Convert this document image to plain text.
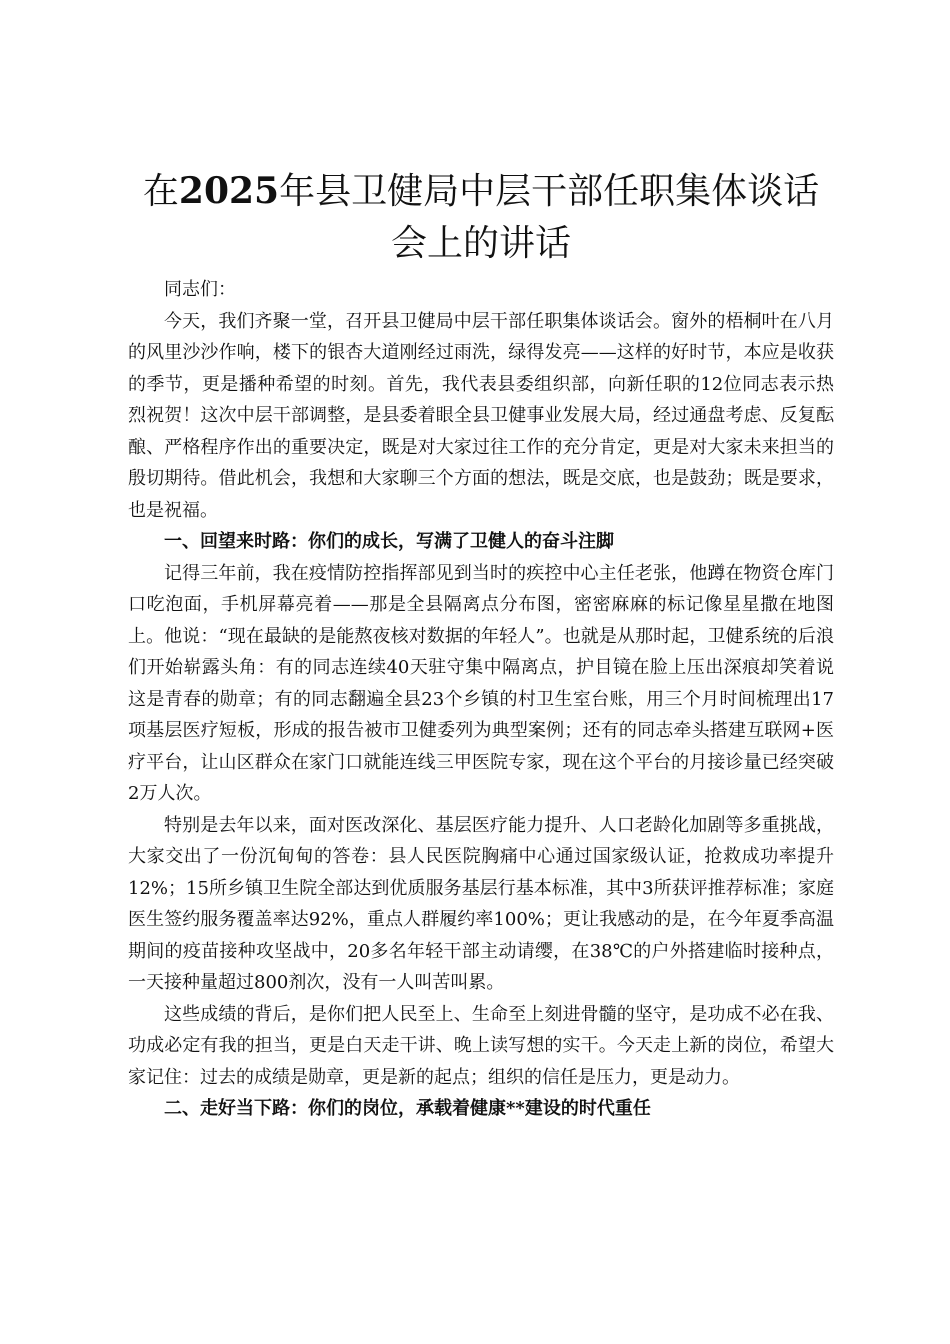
在2025年县卫健局中层干部任职集体谈话会上的讲话

同志们：

今天，我们齐聚一堂，召开县卫健局中层干部任职集体谈话会。窗外的梧桐叶在八月的风里沙沙作响，楼下的银杏大道刚经过雨洗，绿得发亮——这样的好时节，本应是收获的季节，更是播种希望的时刻。首先，我代表县委组织部，向新任职的12位同志表示热烈祝贺！这次中层干部调整，是县委着眼全县卫健事业发展大局，经过通盘考虑、反复酝酿、严格程序作出的重要决定，既是对大家过往工作的充分肯定，更是对大家未来担当的殷切期待。借此机会，我想和大家聊三个方面的想法，既是交底，也是鼓劲；既是要求，也是祝福。

一、回望来时路：你们的成长，写满了卫健人的奋斗注脚

记得三年前，我在疫情防控指挥部见到当时的疾控中心主任老张，他蹲在物资仓库门口吃泡面，手机屏幕亮着——那是全县隔离点分布图，密密麻麻的标记像星星撒在地图上。他说：“现在最缺的是能熬夜核对数据的年轻人”。也就是从那时起，卫健系统的后浪们开始崭露头角：有的同志连续40天驻守集中隔离点，护目镜在脸上压出深痕却笑着说这是青春的勋章；有的同志翻遍全县23个乡镇的村卫生室台账，用三个月时间梳理出17项基层医疗短板，形成的报告被市卫健委列为典型案例；还有的同志牵头搭建互联网+医疗平台，让山区群众在家门口就能连线三甲医院专家，现在这个平台的月接诊量已经突破2万人次。

特别是去年以来，面对医改深化、基层医疗能力提升、人口老龄化加剧等多重挑战，大家交出了一份沉甸甸的答卷：县人民医院胸痛中心通过国家级认证，抢救成功率提升12%；15所乡镇卫生院全部达到优质服务基层行基本标准，其中3所获评推荐标准；家庭医生签约服务覆盖率达92%，重点人群履约率100%；更让我感动的是，在今年夏季高温期间的疫苗接种攻坚战中，20多名年轻干部主动请缨，在38℃的户外搭建临时接种点，一天接种量超过800剂次，没有一人叫苦叫累。

这些成绩的背后，是你们把人民至上、生命至上刻进骨髓的坚守，是功成不必在我、功成必定有我的担当，更是白天走干讲、晚上读写想的实干。今天走上新的岗位，希望大家记住：过去的成绩是勋章，更是新的起点；组织的信任是压力，更是动力。

二、走好当下路：你们的岗位，承载着健康**建设的时代重任
